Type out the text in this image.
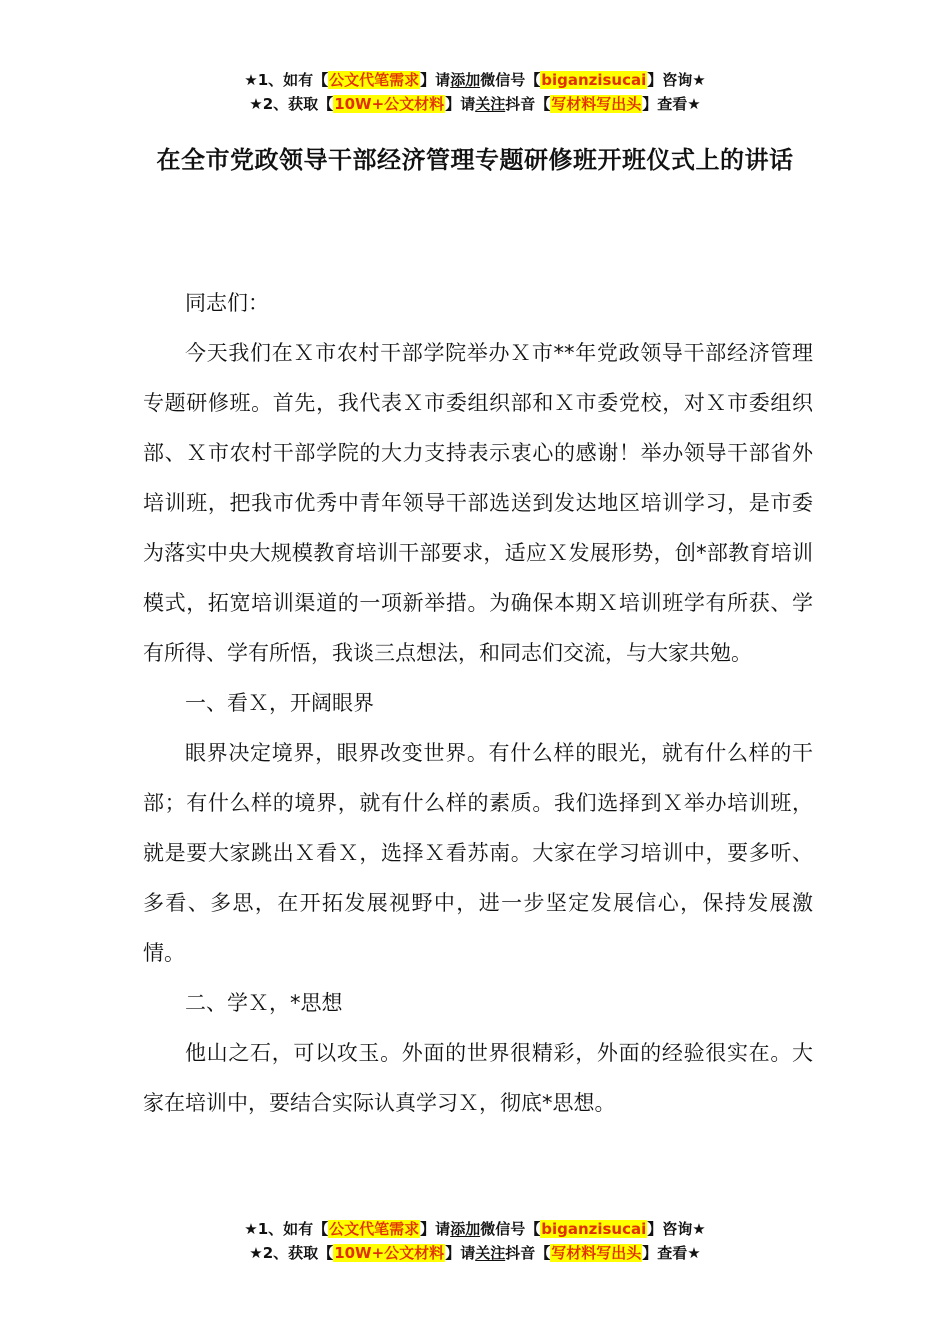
★1、如有【公文代笔需求】请添加微信号【biganzisucai】咨询★
★2、获取【10W+公文材料】请关注抖音【写材料写出头】查看★
在全市党政领导干部经济管理专题研修班开班仪式上的讲话

同志们：

今天我们在Ｘ市农村干部学院举办Ｘ市**年党政领导干部经济管理专题研修班。首先，我代表Ｘ市委组织部和Ｘ市委党校，对Ｘ市委组织部、Ｘ市农村干部学院的大力支持表示衷心的感谢！举办领导干部省外培训班，把我市优秀中青年领导干部选送到发达地区培训学习，是市委为落实中央大规模教育培训干部要求，适应Ｘ发展形势，创*部教育培训模式，拓宽培训渠道的一项新举措。为确保本期Ｘ培训班学有所获、学有所得、学有所悟，我谈三点想法，和同志们交流，与大家共勉。

一、看Ｘ，开阔眼界

眼界决定境界，眼界改变世界。有什么样的眼光，就有什么样的干部；有什么样的境界，就有什么样的素质。我们选择到Ｘ举办培训班，就是要大家跳出Ｘ看Ｘ，选择Ｘ看苏南。大家在学习培训中，要多听、多看、多思，在开拓发展视野中，进一步坚定发展信心，保持发展激情。

二、学Ｘ，*思想

他山之石，可以攻玉。外面的世界很精彩，外面的经验很实在。大家在培训中，要结合实际认真学习Ｘ，彻底*思想。

★1、如有【公文代笔需求】请添加微信号【biganzisucai】咨询★
★2、获取【10W+公文材料】请关注抖音【写材料写出头】查看★
